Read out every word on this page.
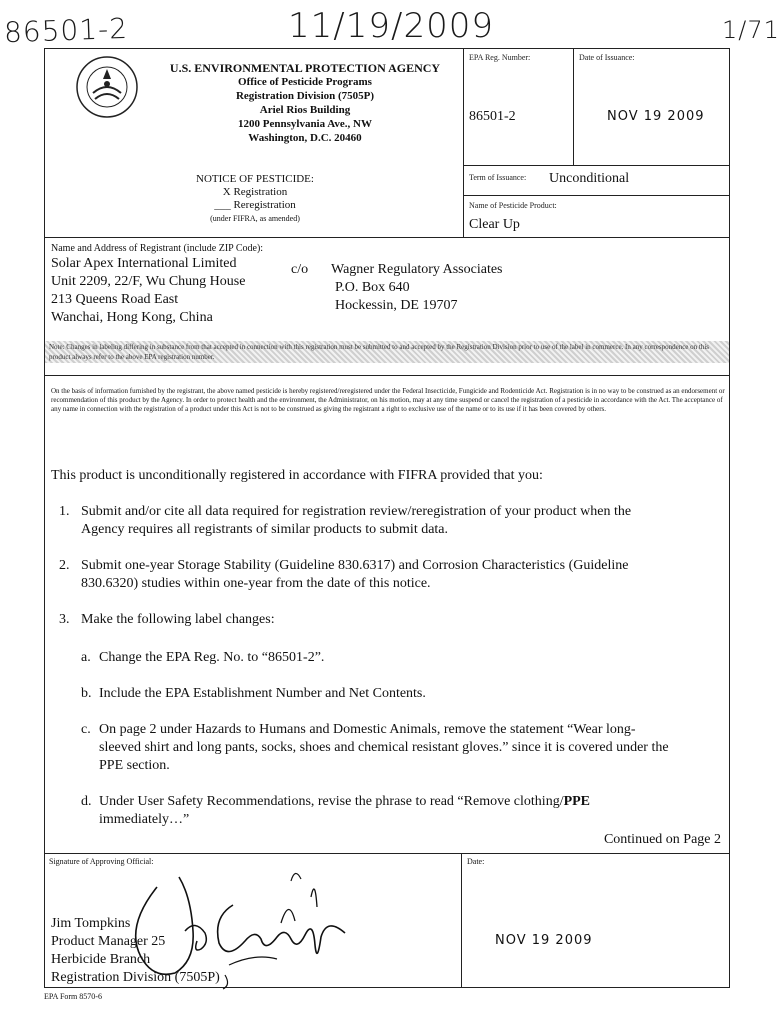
86501-2	11/19/2009	1/71
U.S. ENVIRONMENTAL PROTECTION AGENCY
Office of Pesticide Programs
Registration Division (7505P)
Ariel Rios Building
1200 Pennsylvania Ave., NW
Washington, D.C. 20460
NOTICE OF PESTICIDE:
X Registration
___ Reregistration
(under FIFRA, as amended)
EPA Reg. Number:
86501-2
Date of Issuance:
NOV 19 2009
Term of Issuance: Unconditional
Name of Pesticide Product:
Clear Up
Name and Address of Registrant (include ZIP Code):
Solar Apex International Limited
Unit 2209, 22/F, Wu Chung House
213 Queens Road East
Wanchai, Hong Kong, China
c/o Wagner Regulatory Associates
P.O. Box 640
Hockessin, DE 19707
Note: Changes in labeling differing in substance from that accepted in connection with this registration must be submitted to and accepted by the Registration Division prior to use of the label in commerce. In any correspondence on this product always refer to the above EPA registration number.
On the basis of information furnished by the registrant, the above named pesticide is hereby registered/reregistered under the Federal Insecticide, Fungicide and Rodenticide Act. Registration is in no way to be construed as an endorsement or recommendation of this product by the Agency. In order to protect health and the environment, the Administrator, on his motion, may at any time suspend or cancel the registration of a pesticide in accordance with the Act. The acceptance of any name in connection with the registration of a product under this Act is not to be construed as giving the registrant a right to exclusive use of the name or to its use if it has been covered by others.
This product is unconditionally registered in accordance with FIFRA provided that you:
1. Submit and/or cite all data required for registration review/reregistration of your product when the
Agency requires all registrants of similar products to submit data.
2. Submit one-year Storage Stability (Guideline 830.6317) and Corrosion Characteristics (Guideline
830.6320) studies within one-year from the date of this notice.
3. Make the following label changes:
a. Change the EPA Reg. No. to “86501-2”.
b. Include the EPA Establishment Number and Net Contents.
c. On page 2 under Hazards to Humans and Domestic Animals, remove the statement “Wear long-
sleeved shirt and long pants, socks, shoes and chemical resistant gloves.” since it is covered under the
PPE section.
d. Under User Safety Recommendations, revise the phrase to read “Remove clothing/PPE
immediately…”
Continued on Page 2
Signature of Approving Official:
Jim Tompkins
Product Manager 25
Herbicide Branch
Registration Division (7505P)
Date:
NOV 19 2009
EPA Form 8570-6
